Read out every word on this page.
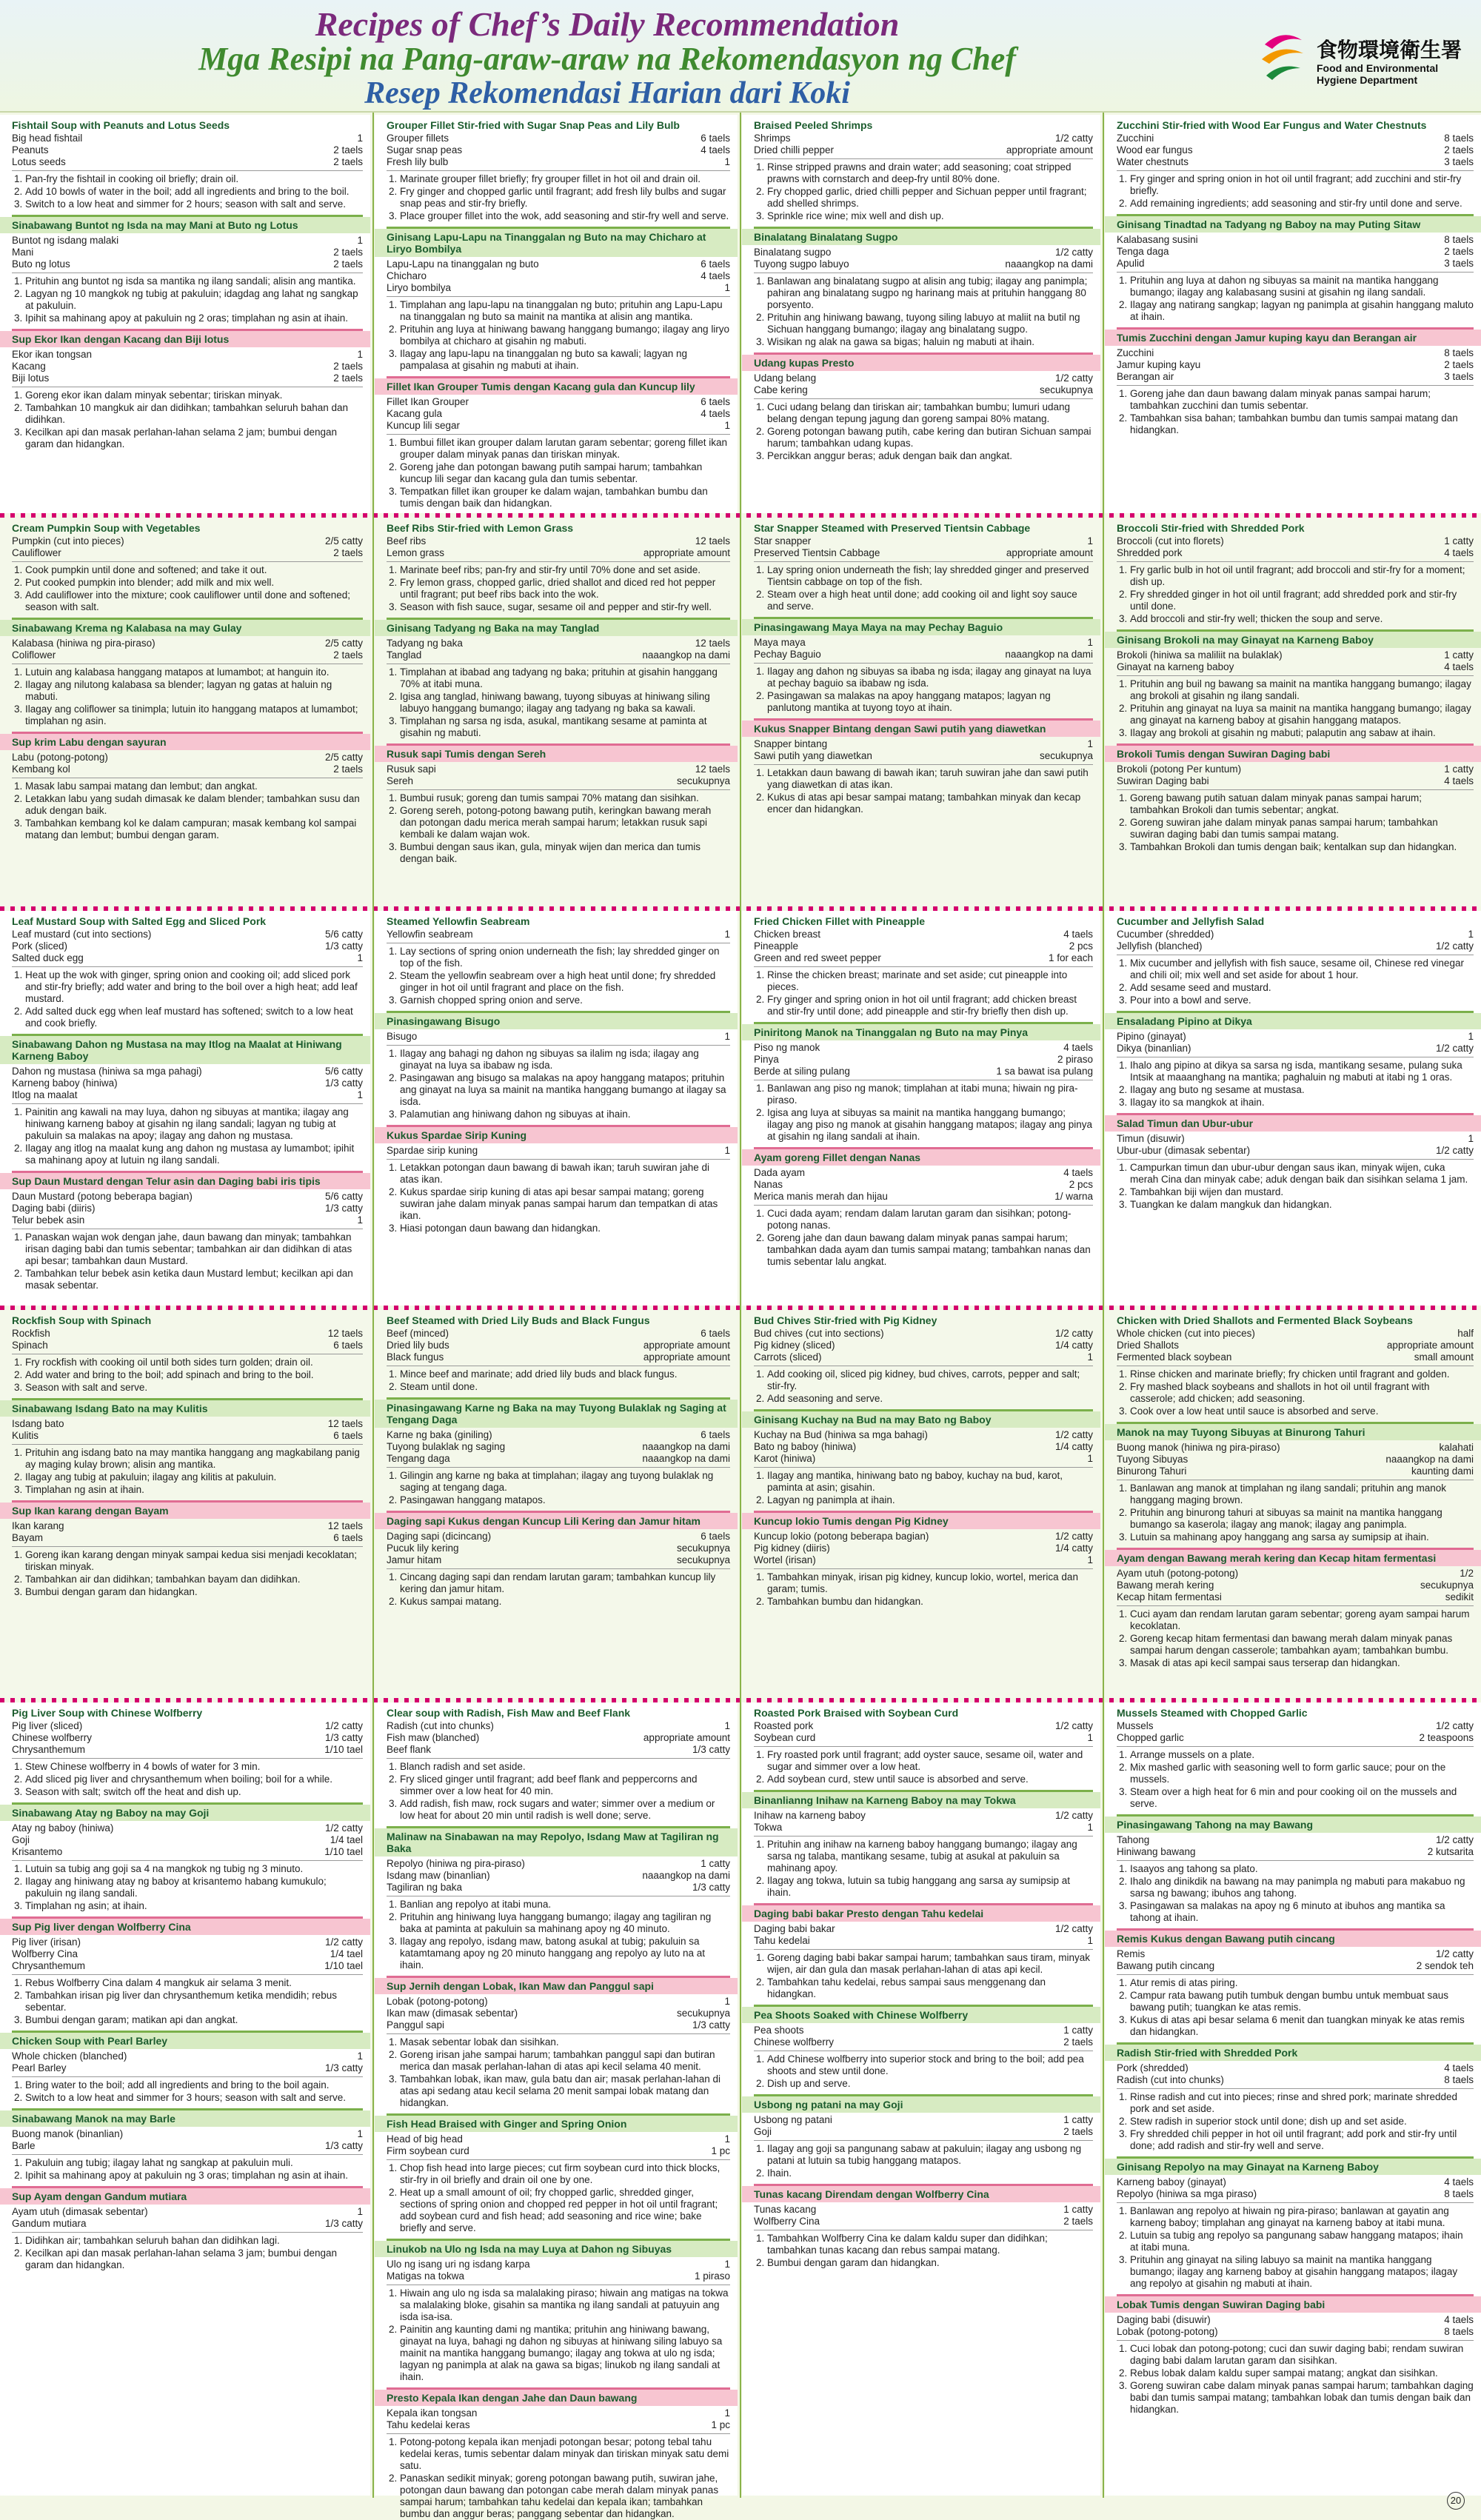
Recipes of Chef’s Daily Recommendation
Mga Resipi na Pang-araw-araw na Rekomendasyon ng Chef
Resep Rekomendasi Harian dari Koki
食物環境衛生署
Food and Environmental
Hygiene Department
Fishtail Soup with Peanuts and Lotus Seeds
Big head fishtail	1
Peanuts	2 taels
Lotus seeds	2 taels
1. Pan-fry the fishtail in cooking oil briefly; drain oil.
2. Add 10 bowls of water in the boil; add all ingredients and bring to the boil.
3. Switch to a low heat and simmer for 2 hours; season with salt and serve.
Sinabawang Buntot ng Isda na may Mani at Buto ng Lotus
Buntot ng isdang malaki	1
Mani	2 taels
Buto ng lotus	2 taels
1. Prituhin ang buntot ng isda sa mantika ng ilang sandali; alisin ang mantika.
2. Lagyan ng 10 mangkok ng tubig at pakuluin; idagdag ang lahat ng sangkap at pakuluin.
3. Ipihit sa mahinang apoy at pakuluin ng 2 oras; timplahan ng asin at ihain.
Sup Ekor Ikan dengan Kacang dan Biji lotus
Ekor ikan tongsan	1
Kacang	2 taels
Biji lotus	2 taels
1. Goreng ekor ikan dalam minyak sebentar; tiriskan minyak.
2. Tambahkan 10 mangkuk air dan didihkan; tambahkan seluruh bahan dan didihkan.
3. Kecilkan api dan masak perlahan-lahan selama 2 jam; bumbui dengan garam dan hidangkan.
Grouper Fillet Stir-fried with Sugar Snap Peas and Lily Bulb
Grouper fillets	6 taels
Sugar snap peas	4 taels
Fresh lily bulb	1
1. Marinate grouper fillet briefly; fry grouper fillet in hot oil and drain oil.
2. Fry ginger and chopped garlic until fragrant; add fresh lily bulbs and sugar snap peas and stir-fry briefly.
3. Place grouper fillet into the wok, add seasoning and stir-fry well and serve.
Ginisang Lapu-Lapu na Tinanggalan ng Buto na may Chicharo at Liryo Bombilya
Lapu-Lapu na tinanggalan ng buto	6 taels
Chicharo	4 taels
Liryo bombilya	1
1. Timplahan ang lapu-lapu na tinanggalan ng buto; prituhin ang Lapu-Lapu na tinanggalan ng buto sa mainit na mantika at alisin ang mantika.
2. Prituhin ang luya at hiniwang bawang hanggang bumango; ilagay ang liryo bombilya at chicharo at gisahin ng mabuti.
3. Ilagay ang lapu-lapu na tinanggalan ng buto sa kawali; lagyan ng pampalasa at gisahin ng mabuti at ihain.
Fillet Ikan Grouper Tumis dengan Kacang gula dan Kuncup lily
Fillet Ikan Grouper	6 taels
Kacang gula	4 taels
Kuncup lili segar	1
1. Bumbui fillet ikan grouper dalam larutan garam sebentar; goreng fillet ikan grouper dalam minyak panas dan tiriskan minyak.
2. Goreng jahe dan potongan bawang putih sampai harum; tambahkan kuncup lili segar dan kacang gula dan tumis sebentar.
3. Tempatkan fillet ikan grouper ke dalam wajan, tambahkan bumbu dan tumis dengan baik dan hidangkan.
Braised Peeled Shrimps
Shrimps	1/2 catty
Dried chilli pepper	appropriate amount
1. Rinse stripped prawns and drain water; add seasoning; coat stripped prawns with cornstarch and deep-fry until 80% done.
2. Fry chopped garlic, dried chilli pepper and Sichuan pepper until fragrant; add shelled shrimps.
3. Sprinkle rice wine; mix well and dish up.
Binalatang Binalatang Sugpo
Binalatang sugpo	1/2 catty
Tuyong sugpo labuyo	naaangkop na dami
1. Banlawan ang binalatang sugpo at alisin ang tubig; ilagay ang panimpla; pahiran ang binalatang sugpo ng harinang mais at prituhin hanggang 80 porsyento.
2. Prituhin ang hiniwang bawang, tuyong siling labuyo at maliit na butil ng Sichuan hanggang bumango; ilagay ang binalatang sugpo.
3. Wisikan ng alak na gawa sa bigas; haluin ng mabuti at ihain.
Udang kupas Presto
Udang belang	1/2 catty
Cabe kering	secukupnya
1. Cuci udang belang dan tiriskan air; tambahkan bumbu; lumuri udang belang dengan tepung jagung dan goreng sampai 80% matang.
2. Goreng potongan bawang putih, cabe kering dan butiran Sichuan sampai harum; tambahkan udang kupas.
3. Percikkan anggur beras; aduk dengan baik dan angkat.
Zucchini Stir-fried with Wood Ear Fungus and Water Chestnuts
Zucchini	8 taels
Wood ear fungus	2 taels
Water chestnuts	3 taels
1. Fry ginger and spring onion in hot oil until fragrant; add zucchini and stir-fry briefly.
2. Add remaining ingredients; add seasoning and stir-fry until done and serve.
Ginisang Tinadtad na Tadyang ng Baboy na may Puting Sitaw
Kalabasang susini	8 taels
Tenga daga	2 taels
Apulid	3 taels
1. Prituhin ang luya at dahon ng sibuyas sa mainit na mantika hanggang bumango; ilagay ang kalabasang susini at gisahin ng ilang sandali.
2. Ilagay ang natirang sangkap; lagyan ng panimpla at gisahin hanggang maluto at ihain.
Tumis Zucchini dengan Jamur kuping kayu dan Berangan air
Zucchini	8 taels
Jamur kuping kayu	2 taels
Berangan air	3 taels
1. Goreng jahe dan daun bawang dalam minyak panas sampai harum; tambahkan zucchini dan tumis sebentar.
2. Tambahkan sisa bahan; tambahkan bumbu dan tumis sampai matang dan hidangkan.
Cream Pumpkin Soup with Vegetables
Pumpkin (cut into pieces)	2/5 catty
Cauliflower	2 taels
1. Cook pumpkin until done and softened; and take it out.
2. Put cooked pumpkin into blender; add milk and mix well.
3. Add cauliflower into the mixture; cook cauliflower until done and softened; season with salt.
Sinabawang Krema ng Kalabasa na may Gulay
Kalabasa (hiniwa ng pira-piraso)	2/5 catty
Coliflower	2 taels
1. Lutuin ang kalabasa hanggang matapos at lumambot; at hanguin ito.
2. Ilagay ang nilutong kalabasa sa blender; lagyan ng gatas at haluin ng mabuti.
3. Ilagay ang coliflower sa tinimpla; lutuin ito hanggang matapos at lumambot; timplahan ng asin.
Sup krim Labu dengan sayuran
Labu (potong-potong)	2/5 catty
Kembang kol	2 taels
1. Masak labu sampai matang dan lembut; dan angkat.
2. Letakkan labu yang sudah dimasak ke dalam blender; tambahkan susu dan aduk dengan baik.
3. Tambahkan kembang kol ke dalam campuran; masak kembang kol sampai matang dan lembut; bumbui dengan garam.
Beef Ribs Stir-fried with Lemon Grass
Beef ribs	12 taels
Lemon grass	appropriate amount
1. Marinate beef ribs; pan-fry and stir-fry until 70% done and set aside.
2. Fry lemon grass, chopped garlic, dried shallot and diced red hot pepper until fragrant; put beef ribs back into the wok.
3. Season with fish sauce, sugar, sesame oil and pepper and stir-fry well.
Ginisang Tadyang ng Baka na may Tanglad
Tadyang ng baka	12 taels
Tanglad	naaangkop na dami
1. Timplahan at ibabad ang tadyang ng baka; prituhin at gisahin hanggang 70% at itabi muna.
2. Igisa ang tanglad, hiniwang bawang, tuyong sibuyas at hiniwang siling labuyo hanggang bumango; ilagay ang tadyang ng baka sa kawali.
3. Timplahan ng sarsa ng isda, asukal, mantikang sesame at paminta at gisahin ng mabuti.
Rusuk sapi Tumis dengan Sereh
Rusuk sapi	12 taels
Sereh	secukupnya
1. Bumbui rusuk; goreng dan tumis sampai 70% matang dan sisihkan.
2. Goreng sereh, potong-potong bawang putih, keringkan bawang merah dan potongan dadu merica merah sampai harum; letakkan rusuk sapi kembali ke dalam wajan wok.
3. Bumbui dengan saus ikan, gula, minyak wijen dan merica dan tumis dengan baik.
Star Snapper Steamed with Preserved Tientsin Cabbage
Star snapper	1
Preserved Tientsin Cabbage	appropriate amount
1. Lay spring onion underneath the fish; lay shredded ginger and preserved Tientsin cabbage on top of the fish.
2. Steam over a high heat until done; add cooking oil and light soy sauce and serve.
Pinasingawang Maya Maya na may Pechay Baguio
Maya maya	1
Pechay Baguio	naaangkop na dami
1. Ilagay ang dahon ng sibuyas sa ibaba ng isda; ilagay ang ginayat na luya at pechay baguio sa ibabaw ng isda.
2. Pasingawan sa malakas na apoy hanggang matapos; lagyan ng panlutong mantika at tuyong toyo at ihain.
Kukus Snapper Bintang dengan Sawi putih yang diawetkan
Snapper bintang	1
Sawi putih yang diawetkan	secukupnya
1. Letakkan daun bawang di bawah ikan; taruh suwiran jahe dan sawi putih yang diawetkan di atas ikan.
2. Kukus di atas api besar sampai matang; tambahkan minyak dan kecap encer dan hidangkan.
Broccoli Stir-fried with Shredded Pork
Broccoli (cut into florets)	1 catty
Shredded pork	4 taels
1. Fry garlic bulb in hot oil until fragrant; add broccoli and stir-fry for a moment; dish up.
2. Fry shredded ginger in hot oil until fragrant; add shredded pork and stir-fry until done.
3. Add broccoli and stir-fry well; thicken the soup and serve.
Ginisang Brokoli na may Ginayat na Karneng Baboy
Brokoli (hiniwa sa maliliit na bulaklak)	1 catty
Ginayat na karneng baboy	4 taels
1. Prituhin ang buil ng bawang sa mainit na mantika hanggang bumango; ilagay ang brokoli at gisahin ng ilang sandali.
2. Prituhin ang ginayat na luya sa mainit na mantika hanggang bumango; ilagay ang ginayat na karneng baboy at gisahin hanggang matapos.
3. Ilagay ang brokoli at gisahin ng mabuti; palaputin ang sabaw at ihain.
Brokoli Tumis dengan Suwiran Daging babi
Brokoli (potong Per kuntum)	1 catty
Suwiran Daging babi	4 taels
1. Goreng bawang putih satuan dalam minyak panas sampai harum; tambahkan Brokoli dan tumis sebentar; angkat.
2. Goreng suwiran jahe dalam minyak panas sampai harum; tambahkan suwiran daging babi dan tumis sampai matang.
3. Tambahkan Brokoli dan tumis dengan baik; kentalkan sup dan hidangkan.
Leaf Mustard Soup with Salted Egg and Sliced Pork
Leaf mustard (cut into sections)	5/6 catty
Pork (sliced)	1/3 catty
Salted duck egg	1
1. Heat up the wok with ginger, spring onion and cooking oil; add sliced pork and stir-fry briefly; add water and bring to the boil over a high heat; add leaf mustard.
2. Add salted duck egg when leaf mustard has softened; switch to a low heat and cook briefly.
Sinabawang Dahon ng Mustasa na may Itlog na Maalat at Hiniwang Karneng Baboy
Dahon ng mustasa (hiniwa sa mga pahagi)	5/6 catty
Karneng baboy (hiniwa)	1/3 catty
Itlog na maalat	1
1. Painitin ang kawali na may luya, dahon ng sibuyas at mantika; ilagay ang hiniwang karneng baboy at gisahin ng ilang sandali; lagyan ng tubig at pakuluin sa malakas na apoy; ilagay ang dahon ng mustasa.
2. Ilagay ang itlog na maalat kung ang dahon ng mustasa ay lumambot; ipihit sa mahinang apoy at lutuin ng ilang sandali.
Sup Daun Mustard dengan Telur asin dan Daging babi iris tipis
Daun Mustard (potong beberapa bagian)	5/6 catty
Daging babi (diiris)	1/3 catty
Telur bebek asin	1
1. Panaskan wajan wok dengan jahe, daun bawang dan minyak; tambahkan irisan daging babi dan tumis sebentar; tambahkan air dan didihkan di atas api besar; tambahkan daun Mustard.
2. Tambahkan telur bebek asin ketika daun Mustard lembut; kecilkan api dan masak sebentar.
Steamed Yellowfin Seabream
Yellowfin seabream	1
1. Lay sections of spring onion underneath the fish; lay shredded ginger on top of the fish.
2. Steam the yellowfin seabream over a high heat until done; fry shredded ginger in hot oil until fragrant and place on the fish.
3. Garnish chopped spring onion and serve.
Pinasingawang Bisugo
Bisugo	1
1. Ilagay ang bahagi ng dahon ng sibuyas sa ilalim ng isda; ilagay ang ginayat na luya sa ibabaw ng isda.
2. Pasingawan ang bisugo sa malakas na apoy hanggang matapos; prituhin ang ginayat na luya sa mainit na mantika hanggang bumango at ilagay sa isda.
3. Palamutian ang hiniwang dahon ng sibuyas at ihain.
Kukus Spardae Sirip Kuning
Spardae sirip kuning	1
1. Letakkan potongan daun bawang di bawah ikan; taruh suwiran jahe di atas ikan.
2. Kukus spardae sirip kuning di atas api besar sampai matang; goreng suwiran jahe dalam minyak panas sampai harum dan tempatkan di atas ikan.
3. Hiasi potongan daun bawang dan hidangkan.
Fried Chicken Fillet with Pineapple
Chicken breast	4 taels
Pineapple	2 pcs
Green and red sweet pepper	1 for each
1. Rinse the chicken breast; marinate and set aside; cut pineapple into pieces.
2. Fry ginger and spring onion in hot oil until fragrant; add chicken breast and stir-fry until done; add pineapple and stir-fry briefly then dish up.
Piniritong Manok na Tinanggalan ng Buto na may Pinya
Piso ng manok	4 taels
Pinya	2 piraso
Berde at siling pulang	1 sa bawat isa pulang
1. Banlawan ang piso ng manok; timplahan at itabi muna; hiwain ng pira-piraso.
2. Igisa ang luya at sibuyas sa mainit na mantika hanggang bumango; ilagay ang piso ng manok at gisahin hanggang matapos; ilagay ang pinya at gisahin ng ilang sandali at ihain.
Ayam goreng Fillet dengan Nanas
Dada ayam	4 taels
Nanas	2 pcs
Merica manis merah dan hijau	1/ warna
1. Cuci dada ayam; rendam dalam larutan garam dan sisihkan; potong-potong nanas.
2. Goreng jahe dan daun bawang dalam minyak panas sampai harum; tambahkan dada ayam dan tumis sampai matang; tambahkan nanas dan tumis sebentar lalu angkat.
Cucumber and Jellyfish Salad
Cucumber (shredded)	1
Jellyfish (blanched)	1/2 catty
1. Mix cucumber and jellyfish with fish sauce, sesame oil, Chinese red vinegar and chili oil; mix well and set aside for about 1 hour.
2. Add sesame seed and mustard.
3. Pour into a bowl and serve.
Ensaladang Pipino at Dikya
Pipino (ginayat)	1
Dikya (binanlian)	1/2 catty
1. Ihalo ang pipino at dikya sa sarsa ng isda, mantikang sesame, pulang suka Intsik at maaanghang na mantika; paghaluin ng mabuti at itabi ng 1 oras.
2. Ilagay ang buto ng sesame at mustasa.
3. Ilagay ito sa mangkok at ihain.
Salad Timun dan Ubur-ubur
Timun (disuwir)	1
Ubur-ubur (dimasak sebentar)	1/2 catty
1. Campurkan timun dan ubur-ubur dengan saus ikan, minyak wijen, cuka merah Cina dan minyak cabe; aduk dengan baik dan sisihkan selama 1 jam.
2. Tambahkan biji wijen dan mustard.
3. Tuangkan ke dalam mangkuk dan hidangkan.
Rockfish Soup with Spinach
Rockfish	12 taels
Spinach	6 taels
1. Fry rockfish with cooking oil until both sides turn golden; drain oil.
2. Add water and bring to the boil; add spinach and bring to the boil.
3. Season with salt and serve.
Sinabawang Isdang Bato na may Kulitis
Isdang bato	12 taels
Kulitis	6 taels
1. Prituhin ang isdang bato na may mantika hanggang ang magkabilang panig ay maging kulay brown; alisin ang mantika.
2. Ilagay ang tubig at pakuluin; ilagay ang kilitis at pakuluin.
3. Timplahan ng asin at ihain.
Sup Ikan karang dengan Bayam
Ikan karang	12 taels
Bayam	6 taels
1. Goreng ikan karang dengan minyak sampai kedua sisi menjadi kecoklatan; tiriskan minyak.
2. Tambahkan air dan didihkan; tambahkan bayam dan didihkan.
3. Bumbui dengan garam dan hidangkan.
Beef Steamed with Dried Lily Buds and Black Fungus
Beef (minced)	6 taels
Dried lily buds	appropriate amount
Black fungus	appropriate amount
1. Mince beef and marinate; add dried lily buds and black fungus.
2. Steam until done.
Pinasingawang Karne ng Baka na may Tuyong Bulaklak ng Saging at Tengang Daga
Karne ng baka (giniling)	6 taels
Tuyong bulaklak ng saging	naaangkop na dami
Tengang daga	naaangkop na dami
1. Gilingin ang karne ng baka at timplahan; ilagay ang tuyong bulaklak ng saging at tengang daga.
2. Pasingawan hanggang matapos.
Daging sapi Kukus dengan Kuncup Lili Kering dan Jamur hitam
Daging sapi (dicincang)	6 taels
Pucuk lily kering	secukupnya
Jamur hitam	secukupnya
1. Cincang daging sapi dan rendam larutan garam; tambahkan kuncup lily kering dan jamur hitam.
2. Kukus sampai matang.
Bud Chives Stir-fried with Pig Kidney
Bud chives (cut into sections)	1/2 catty
Pig kidney (sliced)	1/4 catty
Carrots (sliced)	1
1. Add cooking oil, sliced pig kidney, bud chives, carrots, pepper and salt; stir-fry.
2. Add seasoning and serve.
Ginisang Kuchay na Bud na may Bato ng Baboy
Kuchay na Bud (hiniwa sa mga bahagi)	1/2 catty
Bato ng baboy (hiniwa)	1/4 catty
Karot (hiniwa)	1
1. Ilagay ang mantika, hiniwang bato ng baboy, kuchay na bud, karot, paminta at asin; gisahin.
2. Lagyan ng panimpla at ihain.
Kuncup lokio Tumis dengan Pig Kidney
Kuncup lokio (potong beberapa bagian)	1/2 catty
Pig kidney (diiris)	1/4 catty
Wortel (irisan)	1
1. Tambahkan minyak, irisan pig kidney, kuncup lokio, wortel, merica dan garam; tumis.
2. Tambahkan bumbu dan hidangkan.
Chicken with Dried Shallots and Fermented Black Soybeans
Whole chicken (cut into pieces)	half
Dried Shallots	appropriate amount
Fermented black soybean	small amount
1. Rinse chicken and marinate briefly; fry chicken until fragrant and golden.
2. Fry mashed black soybeans and shallots in hot oil until fragrant with casserole; add chicken; add seasoning.
3. Cook over a low heat until sauce is absorbed and serve.
Manok na may Tuyong Sibuyas at Binurong Tahuri
Buong manok (hiniwa ng pira-piraso)	kalahati
Tuyong Sibuyas	naaangkop na dami
Binurong Tahuri	kaunting dami
1. Banlawan ang manok at timplahan ng ilang sandali; prituhin ang manok hanggang maging brown.
2. Prituhin ang binurong tahuri at sibuyas sa mainit na mantika hanggang bumango sa kaserola; ilagay ang manok; ilagay ang panimpla.
3. Lutuin sa mahinang apoy hanggang ang sarsa ay sumipsip at ihain.
Ayam dengan Bawang merah kering dan Kecap hitam fermentasi
Ayam utuh (potong-potong)	1/2
Bawang merah kering	secukupnya
Kecap hitam fermentasi	sedikit
1. Cuci ayam dan rendam larutan garam sebentar; goreng ayam sampai harum kecoklatan.
2. Goreng kecap hitam fermentasi dan bawang merah dalam minyak panas sampai harum dengan casserole; tambahkan ayam; tambahkan bumbu.
3. Masak di atas api kecil sampai saus terserap dan hidangkan.
Pig Liver Soup with Chinese Wolfberry
Pig liver (sliced)	1/2 catty
Chinese wolfberry	1/3 catty
Chrysanthemum	1/10 tael
1. Stew Chinese wolfberry in 4 bowls of water for 3 min.
2. Add sliced pig liver and chrysanthemum when boiling; boil for a while.
3. Season with salt; switch off the heat and dish up.
Sinabawang Atay ng Baboy na may Goji
Atay ng baboy (hiniwa)	1/2 catty
Goji	1/4 tael
Krisantemo	1/10 tael
1. Lutuin sa tubig ang goji sa 4 na mangkok ng tubig ng 3 minuto.
2. Ilagay ang hiniwang atay ng baboy at krisantemo habang kumukulo; pakuluin ng ilang sandali.
3. Timplahan ng asin; at ihain.
Sup Pig liver dengan Wolfberry Cina
Pig liver (irisan)	1/2 catty
Wolfberry Cina	1/4 tael
Chrysanthemum	1/10 tael
1. Rebus Wolfberry Cina dalam 4 mangkuk air selama 3 menit.
2. Tambahkan irisan pig liver dan chrysanthemum ketika mendidih; rebus sebentar.
3. Bumbui dengan garam; matikan api dan angkat.
Chicken Soup with Pearl Barley
Whole chicken (blanched)	1
Pearl Barley	1/3 catty
1. Bring water to the boil; add all ingredients and bring to the boil again.
2. Switch to a low heat and simmer for 3 hours; season with salt and serve.
Sinabawang Manok na may Barle
Buong manok (binanlian)	1
Barle	1/3 catty
1. Pakuluin ang tubig; ilagay lahat ng sangkap at pakuluin muli.
2. Ipihit sa mahinang apoy at pakuluin ng 3 oras; timplahan ng asin at ihain.
Sup Ayam dengan Gandum mutiara
Ayam utuh (dimasak sebentar)	1
Gandum mutiara	1/3 catty
1. Didihkan air; tambahkan seluruh bahan dan didihkan lagi.
2. Kecilkan api dan masak perlahan-lahan selama 3 jam; bumbui dengan garam dan hidangkan.
Clear soup with Radish, Fish Maw and Beef Flank
Radish (cut into chunks)	1
Fish maw (blanched)	appropriate amount
Beef flank	1/3 catty
1. Blanch radish and set aside.
2. Fry sliced ginger until fragrant; add beef flank and peppercorns and simmer over a low heat for 40 min.
3. Add radish, fish maw, rock sugars and water; simmer over a medium or low heat for about 20 min until radish is well done; serve.
Malinaw na Sinabawan na may Repolyo, Isdang Maw at Tagiliran ng Baka
Repolyo (hiniwa ng pira-piraso)	1 catty
Isdang maw (binanlian)	naaangkop na dami
Tagiliran ng baka	1/3 catty
1. Banlian ang repolyo at itabi muna.
2. Prituhin ang hiniwang luya hanggang bumango; ilagay ang tagiliran ng baka at paminta at pakuluin sa mahinang apoy ng 40 minuto.
3. Ilagay ang repolyo, isdang maw, batong asukal at tubig; pakuluin sa katamtamang apoy ng 20 minuto hanggang ang repolyo ay luto na at ihain.
Sup Jernih dengan Lobak, Ikan Maw dan Panggul sapi
Lobak (potong-potong)	1
Ikan maw (dimasak sebentar)	secukupnya
Panggul sapi	1/3 catty
1. Masak sebentar lobak dan sisihkan.
2. Goreng irisan jahe sampai harum; tambahkan panggul sapi dan butiran merica dan masak perlahan-lahan di atas api kecil selama 40 menit.
3. Tambahkan lobak, ikan maw, gula batu dan air; masak perlahan-lahan di atas api sedang atau kecil selama 20 menit sampai lobak matang dan hidangkan.
Fish Head Braised with Ginger and Spring Onion
Head of big head	1
Firm soybean curd	1 pc
1. Chop fish head into large pieces; cut firm soybean curd into thick blocks, stir-fry in oil briefly and drain oil one by one.
2. Heat up a small amount of oil; fry chopped garlic, shredded ginger, sections of spring onion and chopped red pepper in hot oil until fragrant; add soybean curd and fish head; add seasoning and rice wine; bake briefly and serve.
Linukob na Ulo ng Isda na may Luya at Dahon ng Sibuyas
Ulo ng isang uri ng isdang karpa	1
Matigas na tokwa	1 piraso
1. Hiwain ang ulo ng isda sa malalaking piraso; hiwain ang matigas na tokwa sa malalaking bloke, gisahin sa mantika ng ilang sandali at patuyuin ang isda isa-isa.
2. Painitin ang kaunting dami ng mantika; prituhin ang hiniwang bawang, ginayat na luya, bahagi ng dahon ng sibuyas at hiniwang siling labuyo sa mainit na mantika hanggang bumango; ilagay ang tokwa at ulo ng isda; lagyan ng panimpla at alak na gawa sa bigas; linukob ng ilang sandali at ihain.
Presto Kepala Ikan dengan Jahe dan Daun bawang
Kepala ikan tongsan	1
Tahu kedelai keras	1 pc
1. Potong-potong kepala ikan menjadi potongan besar; potong tebal tahu kedelai keras, tumis sebentar dalam minyak dan tiriskan minyak satu demi satu.
2. Panaskan sedikit minyak; goreng potongan bawang putih, suwiran jahe, potongan daun bawang dan potongan cabe merah dalam minyak panas sampai harum; tambahkan tahu kedelai dan kepala ikan; tambahkan bumbu dan anggur beras; panggang sebentar dan hidangkan.
Roasted Pork Braised with Soybean Curd
Roasted pork	1/2 catty
Soybean curd	1
1. Fry roasted pork until fragrant; add oyster sauce, sesame oil, water and sugar and simmer over a low heat.
2. Add soybean curd, stew until sauce is absorbed and serve.
Binanlianng Inihaw na Karneng Baboy na may Tokwa
Inihaw na karneng baboy	1/2 catty
Tokwa	1
1. Prituhin ang inihaw na karneng baboy hanggang bumango; ilagay ang sarsa ng talaba, mantikang sesame, tubig at asukal at pakuluin sa mahinang apoy.
2. Ilagay ang tokwa, lutuin sa tubig hanggang ang sarsa ay sumipsip at ihain.
Daging babi bakar Presto dengan Tahu kedelai
Daging babi bakar	1/2 catty
Tahu kedelai	1
1. Goreng daging babi bakar sampai harum; tambahkan saus tiram, minyak wijen, air dan gula dan masak perlahan-lahan di atas api kecil.
2. Tambahkan tahu kedelai, rebus sampai saus menggenang dan hidangkan.
Pea Shoots Soaked with Chinese Wolfberry
Pea shoots	1 catty
Chinese wolfberry	2 taels
1. Add Chinese wolfberry into superior stock and bring to the boil; add pea shoots and stew until done.
2. Dish up and serve.
Usbong ng patani na may Goji
Usbong ng patani	1 catty
Goji	2 taels
1. Ilagay ang goji sa pangunang sabaw at pakuluin; ilagay ang usbong ng patani at lutuin sa tubig hanggang matapos.
2. Ihain.
Tunas kacang Direndam dengan Wolfberry Cina
Tunas kacang	1 catty
Wolfberry Cina	2 taels
1. Tambahkan Wolfberry Cina ke dalam kaldu super dan didihkan; tambahkan tunas kacang dan rebus sampai matang.
2. Bumbui dengan garam dan hidangkan.
Mussels Steamed with Chopped Garlic
Mussels	1/2 catty
Chopped garlic	2 teaspoons
1. Arrange mussels on a plate.
2. Mix mashed garlic with seasoning well to form garlic sauce; pour on the mussels.
3. Steam over a high heat for 6 min and pour cooking oil on the mussels and serve.
Pinasingawang Tahong na may Bawang
Tahong	1/2 catty
Hiniwang bawang	2 kutsarita
1. Isaayos ang tahong sa plato.
2. Ihalo ang dinikdik na bawang na may panimpla ng mabuti para makabuo ng sarsa ng bawang; ibuhos ang tahong.
3. Pasingawan sa malakas na apoy ng 6 minuto at ibuhos ang mantika sa tahong at ihain.
Remis Kukus dengan Bawang putih cincang
Remis	1/2 catty
Bawang putih cincang	2 sendok teh
1. Atur remis di atas piring.
2. Campur rata bawang putih tumbuk dengan bumbu untuk membuat saus bawang putih; tuangkan ke atas remis.
3. Kukus di atas api besar selama 6 menit dan tuangkan minyak ke atas remis dan hidangkan.
Radish Stir-fried with Shredded Pork
Pork (shredded)	4 taels
Radish (cut into chunks)	8 taels
1. Rinse radish and cut into pieces; rinse and shred pork; marinate shredded pork and set aside.
2. Stew radish in superior stock until done; dish up and set aside.
3. Fry shredded chili pepper in hot oil until fragrant; add pork and stir-fry until done; add radish and stir-fry well and serve.
Ginisang Repolyo na may Ginayat na Karneng Baboy
Karneng baboy (ginayat)	4 taels
Repolyo (hiniwa sa mga piraso)	8 taels
1. Banlawan ang repolyo at hiwain ng pira-piraso; banlawan at gayatin ang karneng baboy; timplahan ang ginayat na karneng baboy at itabi muna.
2. Lutuin sa tubig ang repolyo sa pangunang sabaw hanggang matapos; ihain at itabi muna.
3. Prituhin ang ginayat na siling labuyo sa mainit na mantika hanggang bumango; ilagay ang karneng baboy at gisahin hanggang matapos; ilagay ang repolyo at gisahin ng mabuti at ihain.
Lobak Tumis dengan Suwiran Daging babi
Daging babi (disuwir)	4 taels
Lobak (potong-potong)	8 taels
1. Cuci lobak dan potong-potong; cuci dan suwir daging babi; rendam suwiran daging babi dalam larutan garam dan sisihkan.
2. Rebus lobak dalam kaldu super sampai matang; angkat dan sisihkan.
3. Goreng suwiran cabe dalam minyak panas sampai harum; tambahkan daging babi dan tumis sampai matang; tambahkan lobak dan tumis dengan baik dan hidangkan.
20
